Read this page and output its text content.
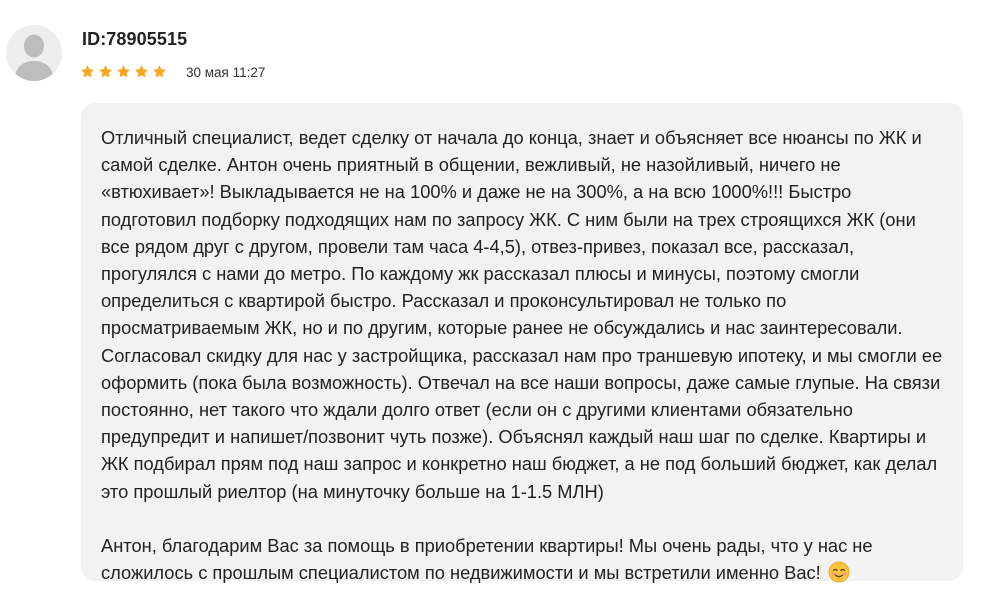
ID:78905515
30 мая 11:27

Отличный специалист, ведет сделку от начала до конца, знает и объясняет все нюансы по ЖК и самой сделке. Антон очень приятный в общении, вежливый, не назойливый, ничего не «втюхивает»! Выкладывается не на 100% и даже не на 300%, а на всю 1000%!!! Быстро подготовил подборку подходящих нам по запросу ЖК. С ним были на трех строящихся ЖК (они все рядом друг с другом, провели там часа 4-4,5), отвез-привез, показал все, рассказал, прогулялся с нами до метро. По каждому жк рассказал плюсы и минусы, поэтому смогли определиться с квартирой быстро. Рассказал и проконсультировал не только по просматриваемым ЖК, но и по другим, которые ранее не обсуждались и нас заинтересовали. Согласовал скидку для нас у застройщика, рассказал нам про траншевую ипотеку, и мы смогли ее оформить (пока была возможность). Отвечал на все наши вопросы, даже самые глупые. На связи постоянно, нет такого что ждали долго ответ (если он с другими клиентами обязательно предупредит и напишет/позвонит чуть позже). Объяснял каждый наш шаг по сделке. Квартиры и ЖК подбирал прям под наш запрос и конкретно наш бюджет, а не под больший бюджет, как делал это прошлый риелтор (на минуточку больше на 1-1.5 МЛН)

Антон, благодарим Вас за помощь в приобретении квартиры! Мы очень рады, что у нас не сложилось с прошлым специалистом по недвижимости и мы встретили именно Вас!
